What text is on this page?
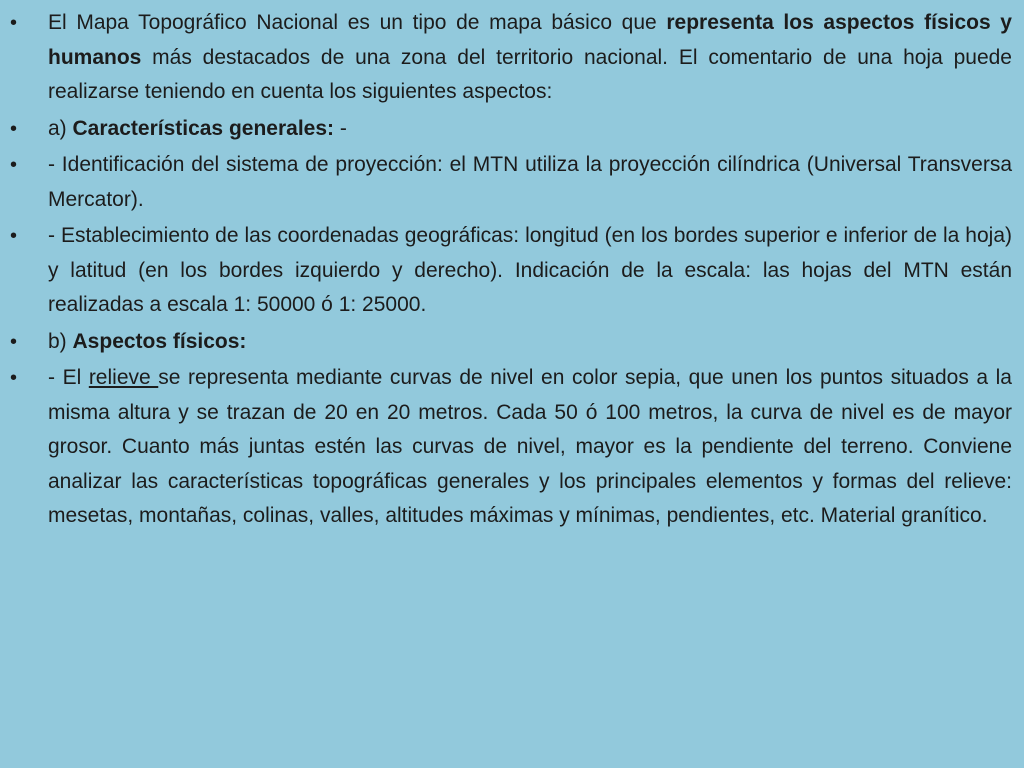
• El Mapa Topográfico Nacional es un tipo de mapa básico que representa los aspectos físicos y humanos más destacados de una zona del territorio nacional. El comentario de una hoja puede realizarse teniendo en cuenta los siguientes aspectos:
• a) Características generales: -
• - Identificación del sistema de proyección: el MTN utiliza la proyección cilíndrica (Universal Transversa Mercator).
• - Establecimiento de las coordenadas geográficas: longitud (en los bordes superior e inferior de la hoja) y latitud (en los bordes izquierdo y derecho). Indicación de la escala: las hojas del MTN están realizadas a escala 1: 50000 ó 1: 25000.
• b) Aspectos físicos:
• - El relieve se representa mediante curvas de nivel en color sepia, que unen los puntos situados a la misma altura y se trazan de 20 en 20 metros. Cada 50 ó 100 metros, la curva de nivel es de mayor grosor. Cuanto más juntas estén las curvas de nivel, mayor es la pendiente del terreno. Conviene analizar las características topográficas generales y los principales elementos y formas del relieve: mesetas, montañas, colinas, valles, altitudes máximas y mínimas, pendientes, etc. Material granítico.
